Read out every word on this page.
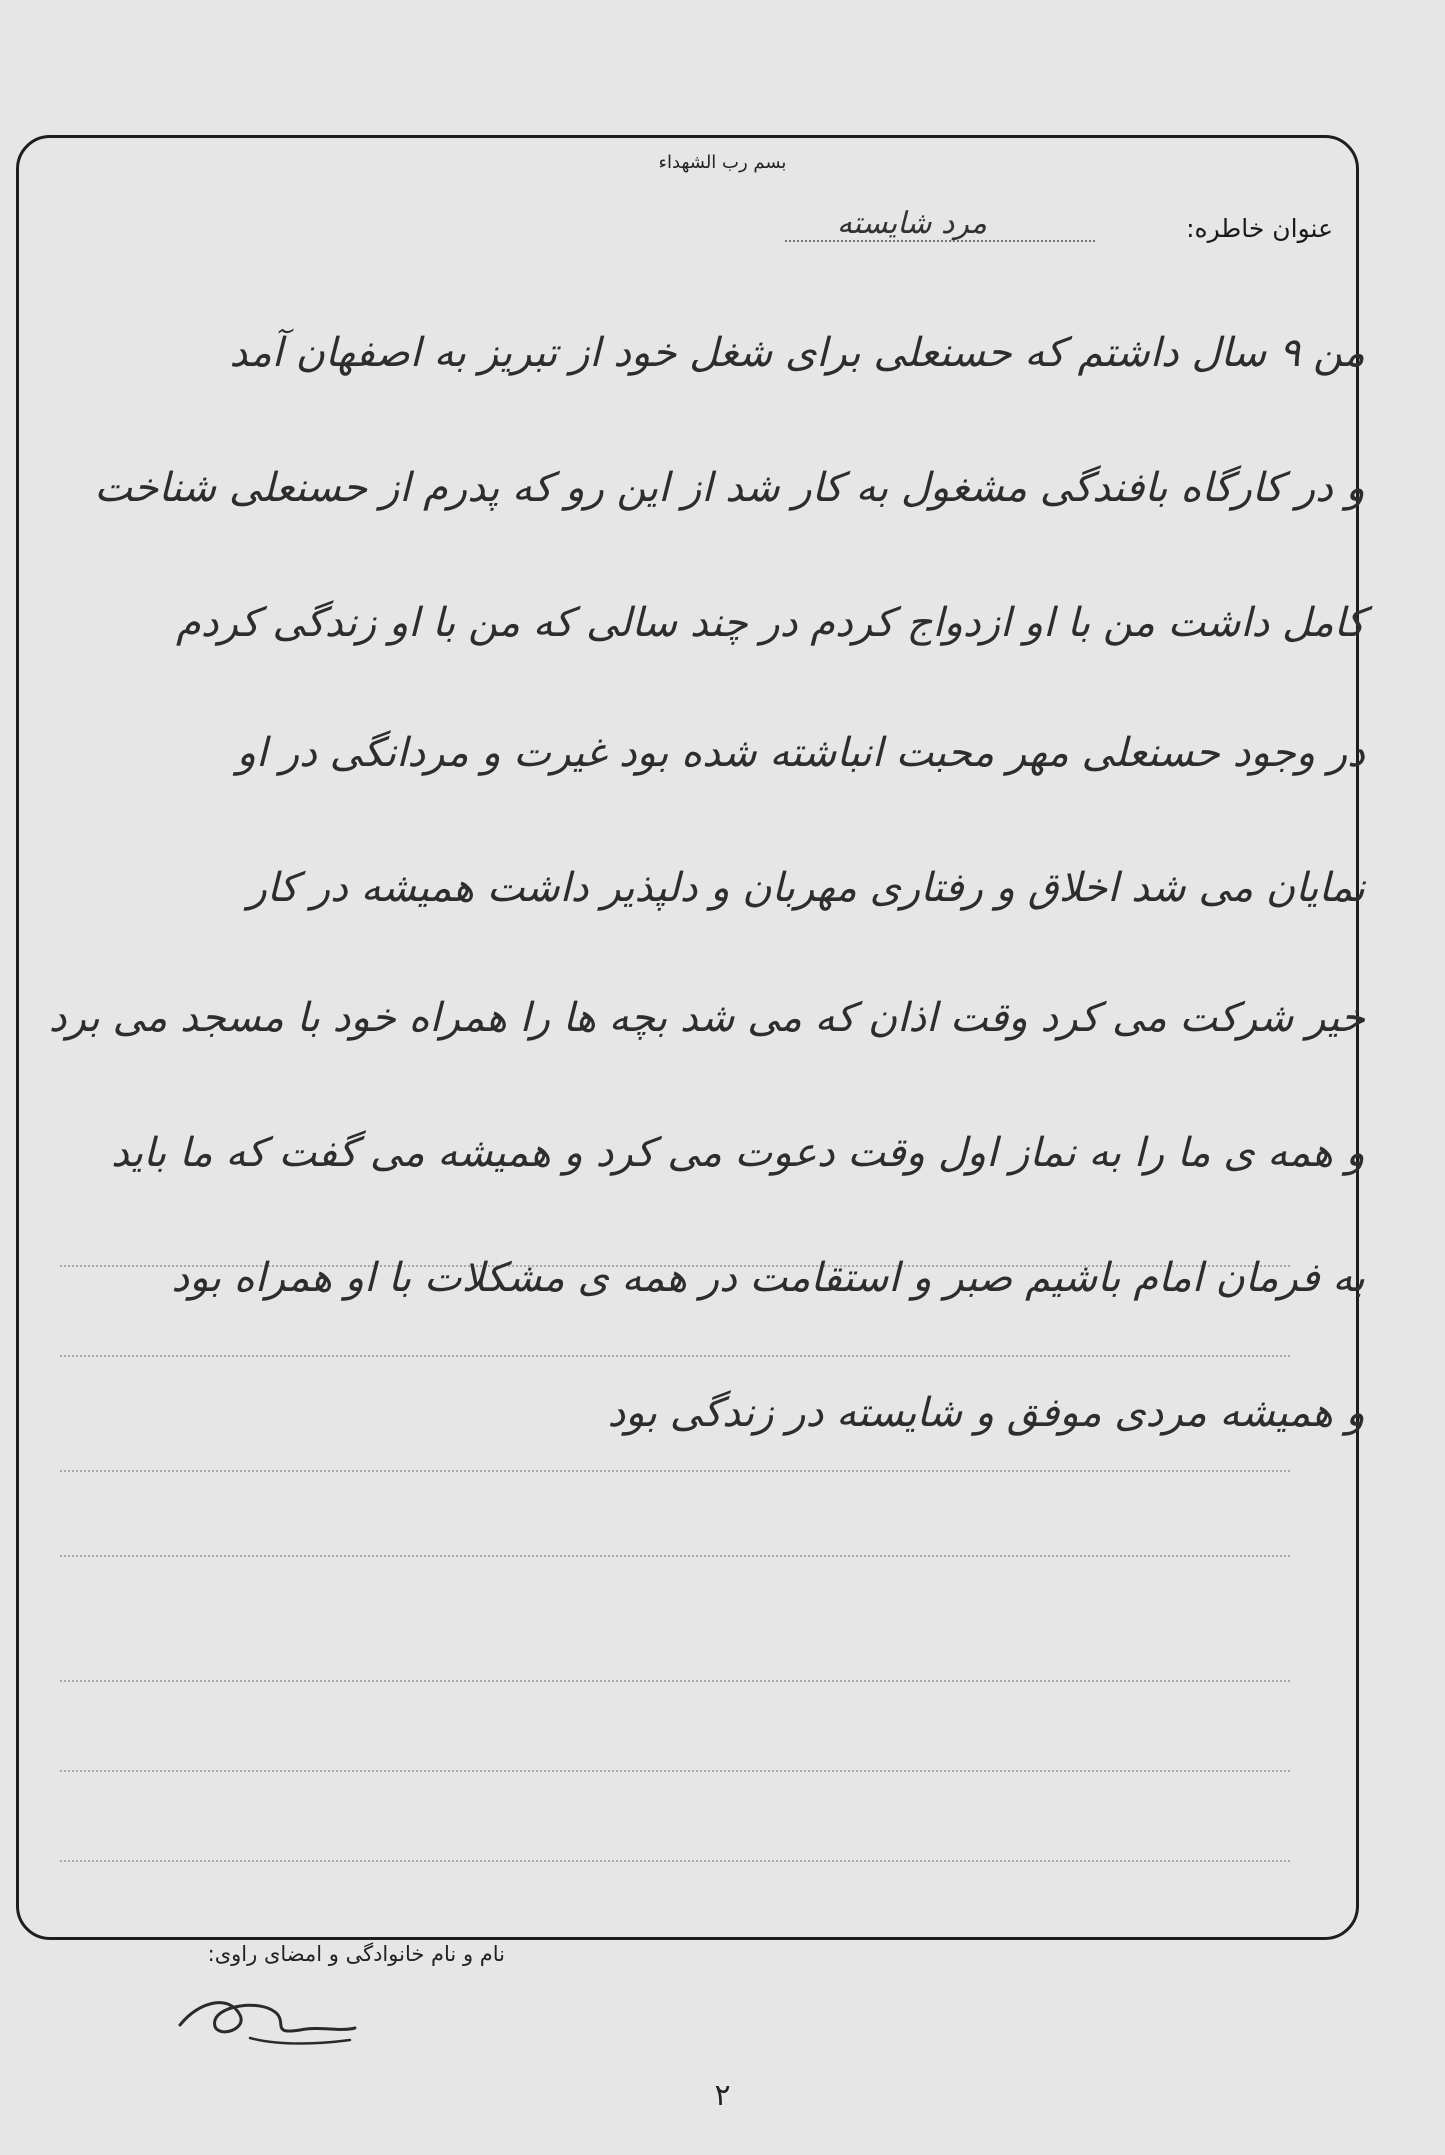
بسم رب الشهداء
عنوان خاطره:
مرد شایسته
من ۹ سال داشتم که حسنعلی برای شغل خود از تبریز به اصفهان آمد
و در کارگاه بافندگی مشغول به کار شد از این رو که پدرم از حسنعلی شناخت
کامل داشت من با او ازدواج کردم در چند سالی که من با او زندگی کردم
در وجود حسنعلی مهر محبت انباشته شده بود غیرت و مردانگی در او
نمایان می شد اخلاق و رفتاری مهربان و دلپذیر داشت همیشه در کار
خیر شرکت می کرد وقت اذان که می شد بچه ها را همراه خود با مسجد می برد
و همه ی ما را به نماز اول وقت دعوت می کرد و همیشه می گفت که ما باید
به فرمان امام باشیم صبر و استقامت در همه ی مشکلات با او همراه بود
و همیشه مردی موفق و شایسته در زندگی بود
نام و نام خانوادگی و امضای راوی:
۲
